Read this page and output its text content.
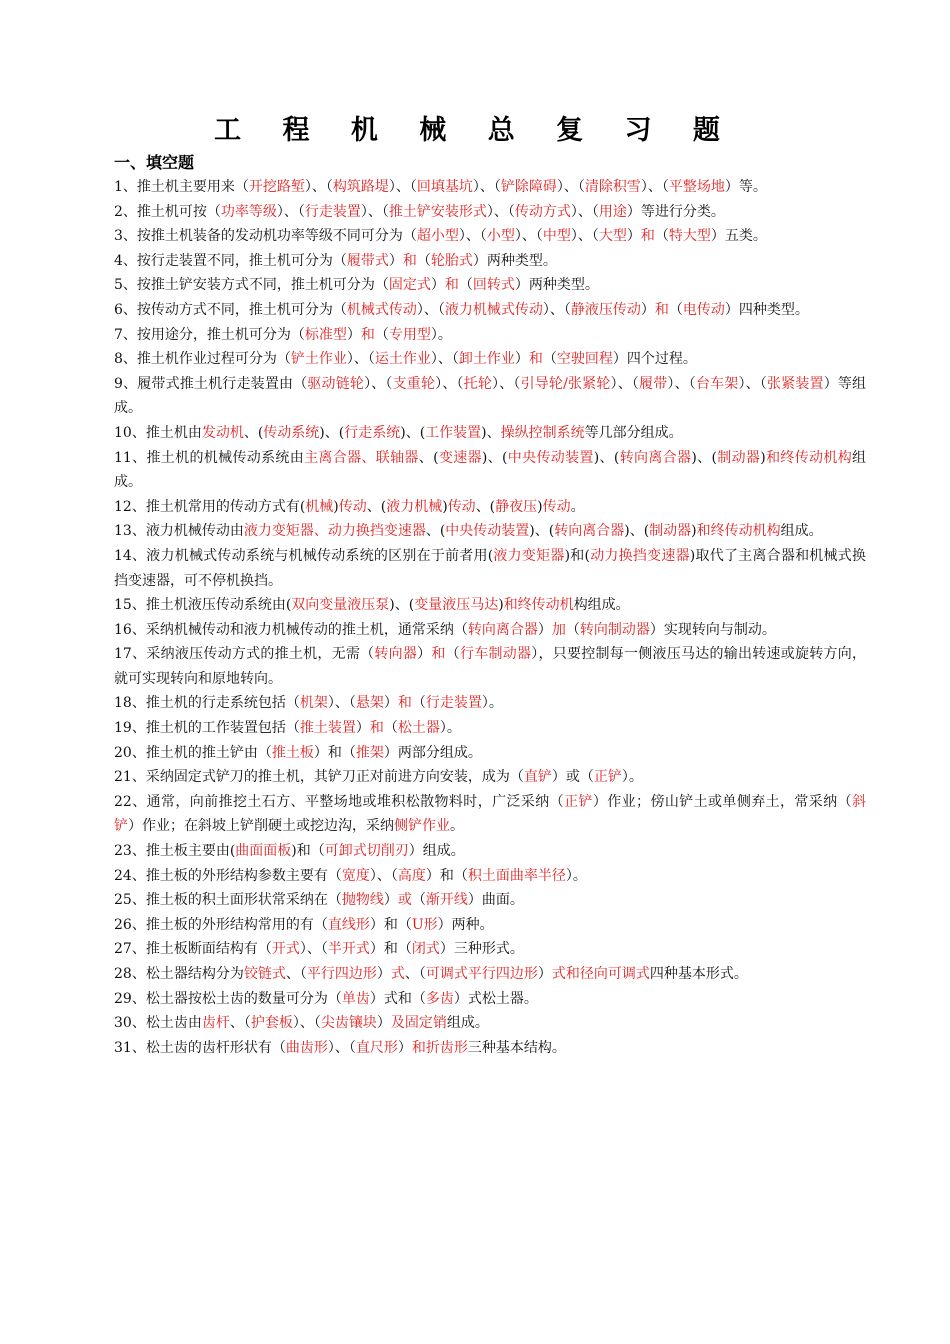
工 程 机 械 总 复 习 题
一、填空题

1、推土机主要用来（开挖路堑）、（构筑路堤）、（回填基坑）、（铲除障碍）、（清除积雪）、（平整场地）等。

2、推土机可按（功率等级）、（行走装置）、（推土铲安装形式）、（传动方式）、（用途）等进行分类。

3、按推土机装备的发动机功率等级不同可分为（超小型）、（小型）、（中型）、（大型）和（特大型）五类。

4、按行走装置不同，推土机可分为（履带式）和（轮胎式）两种类型。

5、按推土铲安装方式不同，推土机可分为（固定式）和（回转式）两种类型。

6、按传动方式不同，推土机可分为（机械式传动）、（液力机械式传动）、（静液压传动）和（电传动）四种类型。

7、按用途分，推土机可分为（标准型）和（专用型）。

8、推土机作业过程可分为（铲土作业）、（运土作业）、（卸土作业）和（空驶回程）四个过程。

9、履带式推土机行走装置由（驱动链轮）、（支重轮）、（托轮）、（引导轮/张紧轮）、（履带）、（台车架）、（张紧装置）等组成。

10、推土机由发动机、(传动系统)、(行走系统)、(工作装置)、操纵控制系统等几部分组成。

11、推土机的机械传动系统由主离合器、联轴器、(变速器)、(中央传动装置)、(转向离合器)、(制动器)和终传动机构组成。

12、推土机常用的传动方式有(机械)传动、(液力机械)传动、(静夜压)传动。

13、液力机械传动由液力变矩器、动力换挡变速器、(中央传动装置)、(转向离合器)、(制动器)和终传动机构组成。

14、液力机械式传动系统与机械传动系统的区别在于前者用(液力变矩器)和(动力换挡变速器)取代了主离合器和机械式换挡变速器，可不停机换挡。

15、推土机液压传动系统由(双向变量液压泵)、(变量液压马达)和终传动机构组成。

16、采纳机械传动和液力机械传动的推土机，通常采纳（转向离合器）加（转向制动器）实现转向与制动。

17、采纳液压传动方式的推土机，无需（转向器）和（行车制动器），只要控制每一侧液压马达的输出转速或旋转方向，就可实现转向和原地转向。

18、推土机的行走系统包括（机架）、（悬架）和（行走装置）。

19、推土机的工作装置包括（推土装置）和（松土器）。

20、推土机的推土铲由（推土板）和（推架）两部分组成。

21、采纳固定式铲刀的推土机，其铲刀正对前进方向安装，成为（直铲）或（正铲）。

22、通常，向前推挖土石方、平整场地或堆积松散物料时，广泛采纳（正铲）作业；傍山铲土或单侧弃土，常采纳（斜铲）作业；在斜坡上铲削硬土或挖边沟，采纳侧铲作业。

23、推土板主要由(曲面面板)和（可卸式切削刃）组成。

24、推土板的外形结构参数主要有（宽度）、（高度）和（积土面曲率半径）。

25、推土板的积土面形状常采纳在（抛物线）或（渐开线）曲面。

26、推土板的外形结构常用的有（直线形）和（U形）两种。

27、推土板断面结构有（开式）、（半开式）和（闭式）三种形式。

28、松土器结构分为铰链式、（平行四边形）式、（可调式平行四边形）式和径向可调式四种基本形式。

29、松土器按松土齿的数量可分为（单齿）式和（多齿）式松土器。

30、松土齿由齿杆、（护套板）、（尖齿镶块）及固定销组成。

31、松土齿的齿杆形状有（曲齿形）、（直尺形）和折齿形三种基本结构。
